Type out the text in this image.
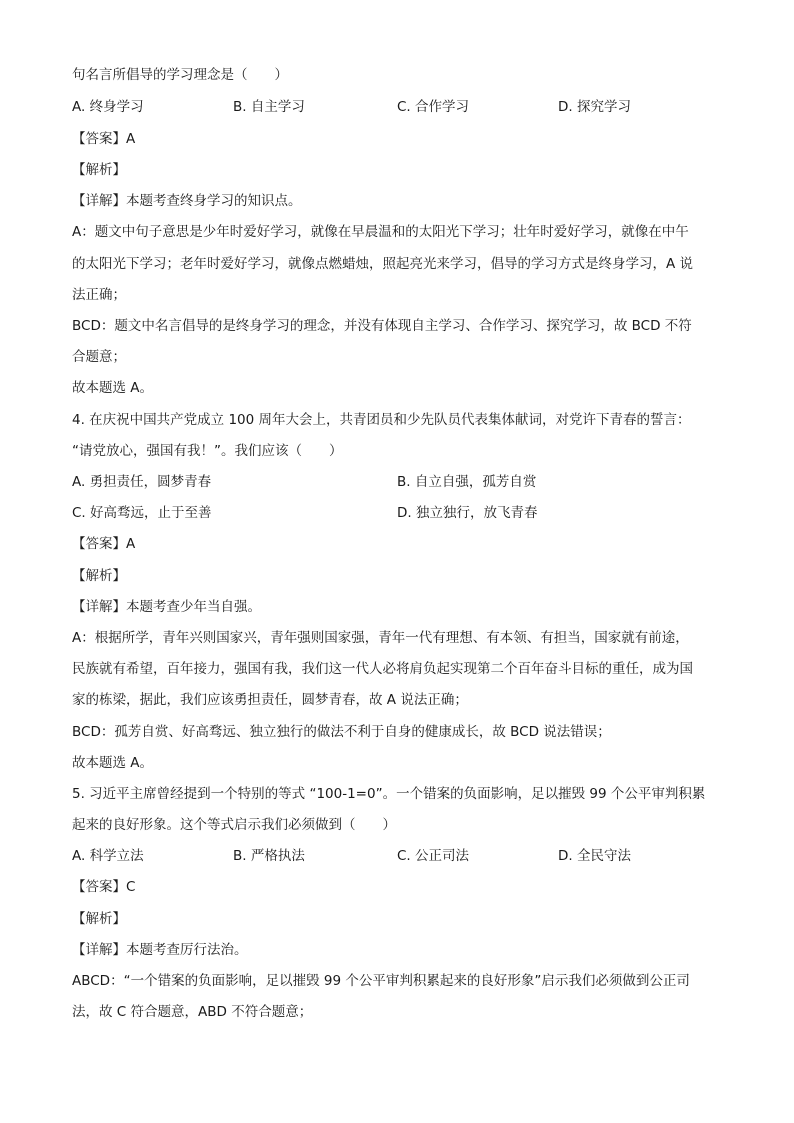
句名言所倡导的学习理念是（　　）
A. 终身学习	B. 自主学习	C. 合作学习	D. 探究学习
【答案】A
【解析】
【详解】本题考查终身学习的知识点。
A：题文中句子意思是少年时爱好学习，就像在早晨温和的太阳光下学习；壮年时爱好学习，就像在中午
的太阳光下学习；老年时爱好学习，就像点燃蜡烛，照起亮光来学习，倡导的学习方式是终身学习，A 说
法正确；
BCD：题文中名言倡导的是终身学习的理念，并没有体现自主学习、合作学习、探究学习，故 BCD 不符
合题意；
故本题选 A。
4. 在庆祝中国共产党成立 100 周年大会上，共青团员和少先队员代表集体献词，对党许下青春的誓言：
“请党放心，强国有我！”。我们应该（　　）
A. 勇担责任，圆梦青春	B. 自立自强，孤芳自赏
C. 好高骛远，止于至善	D. 独立独行，放飞青春
【答案】A
【解析】
【详解】本题考查少年当自强。
A：根据所学，青年兴则国家兴，青年强则国家强，青年一代有理想、有本领、有担当，国家就有前途，
民族就有希望，百年接力，强国有我，我们这一代人必将肩负起实现第二个百年奋斗目标的重任，成为国
家的栋梁，据此，我们应该勇担责任，圆梦青春，故 A 说法正确；
BCD：孤芳自赏、好高骛远、独立独行的做法不利于自身的健康成长，故 BCD 说法错误；
故本题选 A。
5. 习近平主席曾经提到一个特别的等式 “100-1=0”。一个错案的负面影响，足以摧毁 99 个公平审判积累
起来的良好形象。这个等式启示我们必须做到（　　）
A. 科学立法	B. 严格执法	C. 公正司法	D. 全民守法
【答案】C
【解析】
【详解】本题考查厉行法治。
ABCD：“一个错案的负面影响，足以摧毁 99 个公平审判积累起来的良好形象”启示我们必须做到公正司
法，故 C 符合题意，ABD 不符合题意；
